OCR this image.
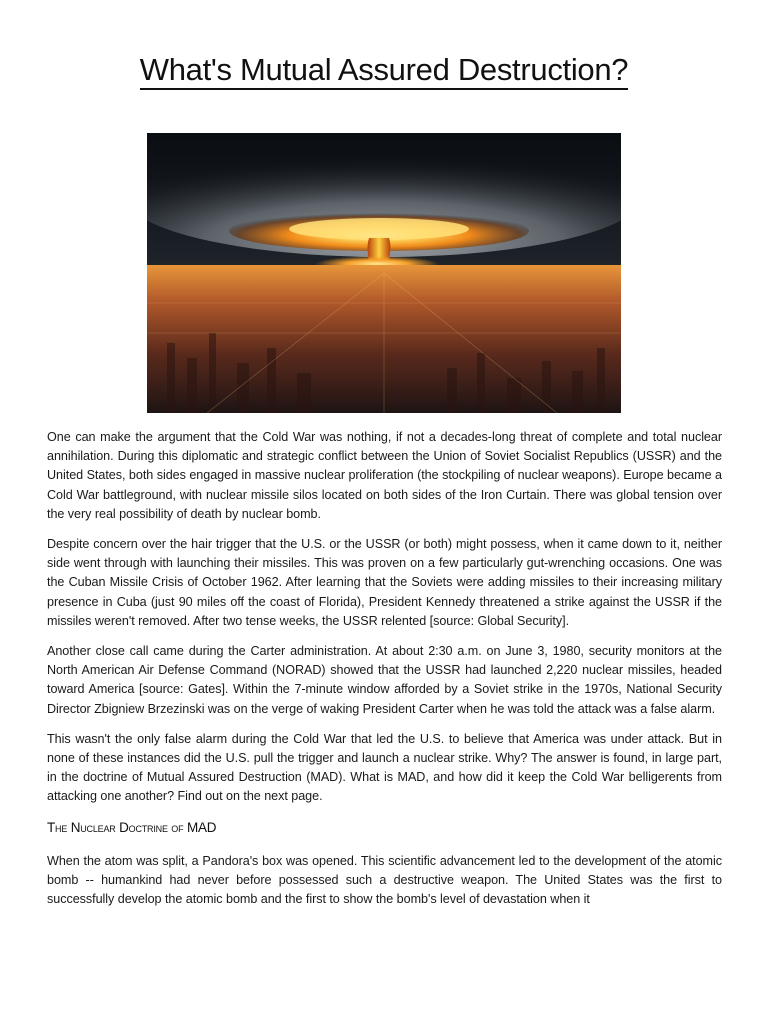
What's Mutual Assured Destruction?

One can make the argument that the Cold War was nothing, if not a decades-long threat of complete and total nuclear annihilation. During this diplomatic and strategic conflict between the Union of Soviet Socialist Republics (USSR) and the United States, both sides engaged in massive nuclear proliferation (the stockpiling of nuclear weapons). Europe became a Cold War battleground, with nuclear missile silos located on both sides of the Iron Curtain. There was global tension over the very real possibility of death by nuclear bomb.

Despite concern over the hair trigger that the U.S. or the USSR (or both) might possess, when it came down to it, neither side went through with launching their missiles. This was proven on a few particularly gut-wrenching occasions. One was the Cuban Missile Crisis of October 1962. After learning that the Soviets were adding missiles to their increasing military presence in Cuba (just 90 miles off the coast of Florida), President Kennedy threatened a strike against the USSR if the missiles weren't removed. After two tense weeks, the USSR relented [source: Global Security].

Another close call came during the Carter administration. At about 2:30 a.m. on June 3, 1980, security monitors at the North American Air Defense Command (NORAD) showed that the USSR had launched 2,220 nuclear missiles, headed toward America [source: Gates]. Within the 7-minute window afforded by a Soviet strike in the 1970s, National Security Director Zbigniew Brzezinski was on the verge of waking President Carter when he was told the attack was a false alarm.

This wasn't the only false alarm during the Cold War that led the U.S. to believe that America was under attack. But in none of these instances did the U.S. pull the trigger and launch a nuclear strike. Why? The answer is found, in large part, in the doctrine of Mutual Assured Destruction (MAD). What is MAD, and how did it keep the Cold War belligerents from attacking one another? Find out on the next page.

The Nuclear Doctrine of MAD

When the atom was split, a Pandora's box was opened. This scientific advancement led to the development of the atomic bomb -- humankind had never before possessed such a destructive weapon. The United States was the first to successfully develop the atomic bomb and the first to show the bomb's level of devastation when it
